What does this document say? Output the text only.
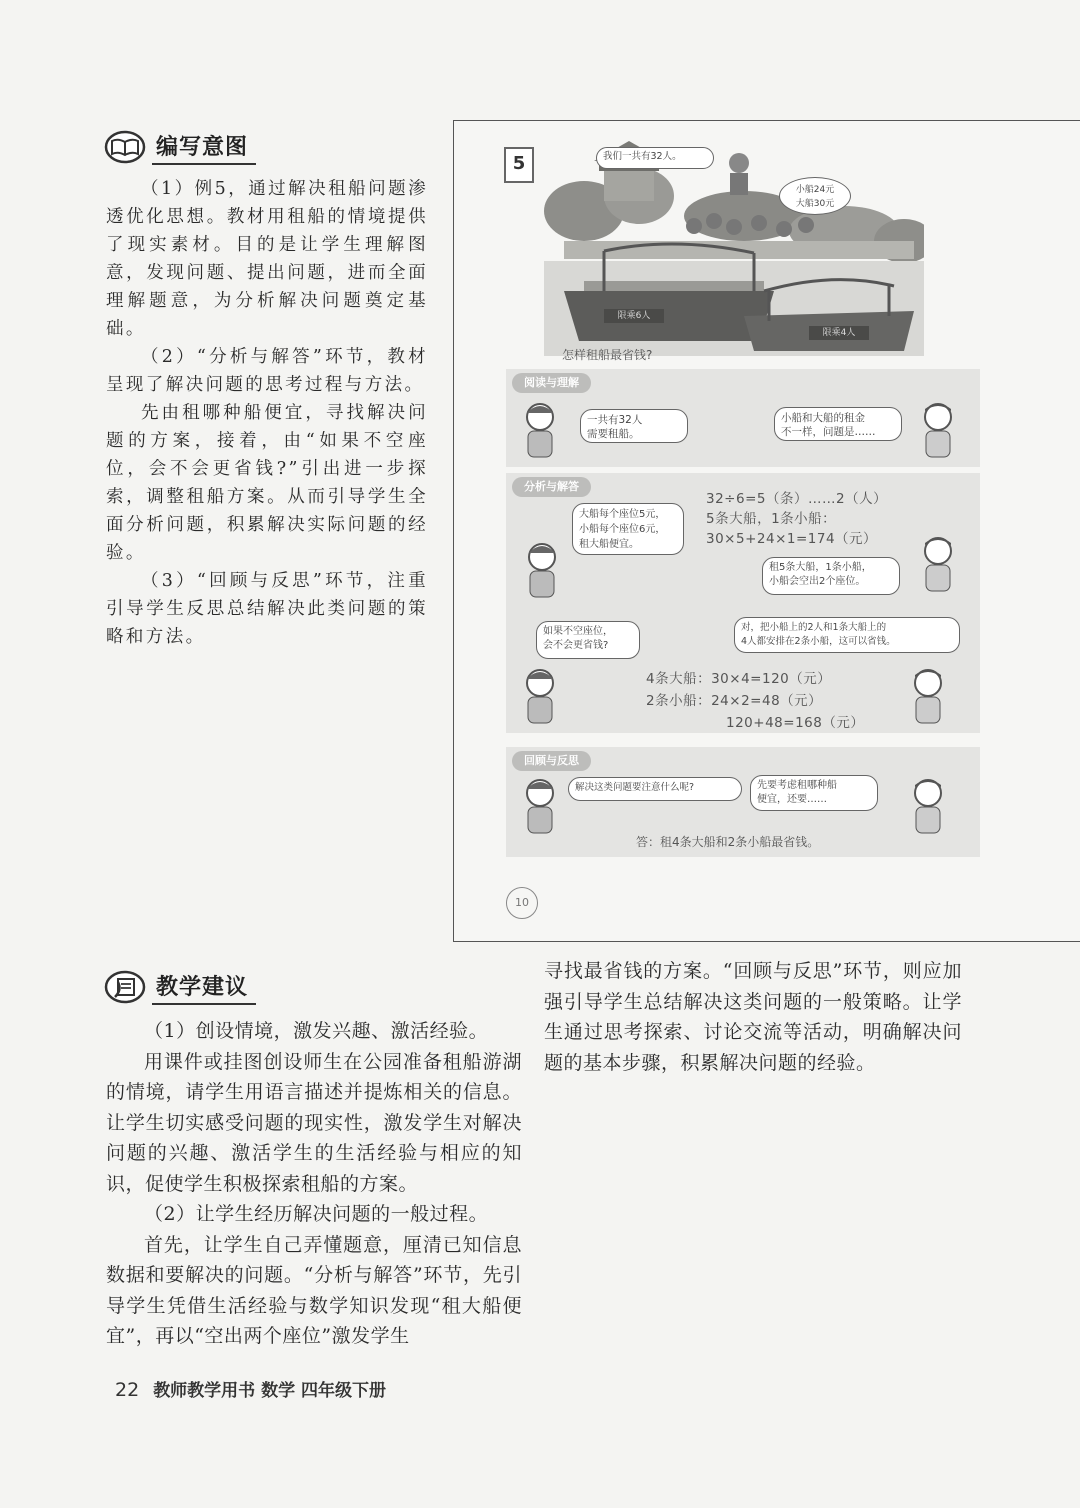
编写意图

（1）例5，通过解决租船问题渗透优化思想。教材用租船的情境提供了现实素材。目的是让学生理解图意，发现问题、提出问题，进而全面理解题意，为分析解决问题奠定基础。

（2）“分析与解答”环节，教材呈现了解决问题的思考过程与方法。

先由租哪种船便宜，寻找解决问题的方案，接着，由“如果不空座位，会不会更省钱?”引出进一步探索，调整租船方案。从而引导学生全面分析问题，积累解决实际问题的经验。

（3）“回顾与反思”环节，注重引导学生反思总结解决此类问题的策略和方法。

5
限乘6人
限乘4人
我们一共有32人。
小船24元
大船30元
怎样租船最省钱?
阅读与理解
一共有32人
需要租船。
小船和大船的租金
不一样，问题是……
分析与解答
32÷6=5（条）……2（人）
5条大船，1条小船：
30×5+24×1=174（元）
大船每个座位5元，
小船每个座位6元，
租大船便宜。
租5条大船，1条小船，
小船会空出2个座位。
如果不空座位，
会不会更省钱?
对，把小船上的2人和1条大船上的
4人都安排在2条小船，这可以省钱。
4条大船：30×4=120（元）
2条小船：24×2=48（元）
120+48=168（元）
回顾与反思
解决这类问题要注意什么呢?	先要考虑租哪种船
便宜，还要……
答：租4条大船和2条小船最省钱。
10
教学建议

（1）创设情境，激发兴趣、激活经验。

用课件或挂图创设师生在公园准备租船游湖的情境，请学生用语言描述并提炼相关的信息。让学生切实感受问题的现实性，激发学生对解决问题的兴趣、激活学生的生活经验与相应的知识，促使学生积极探索租船的方案。

（2）让学生经历解决问题的一般过程。

首先，让学生自己弄懂题意，厘清已知信息数据和要解决的问题。“分析与解答”环节，先引导学生凭借生活经验与数学知识发现“租大船便宜”，再以“空出两个座位”激发学生

寻找最省钱的方案。“回顾与反思”环节，则应加强引导学生总结解决这类问题的一般策略。让学生通过思考探索、讨论交流等活动，明确解决问题的基本步骤，积累解决问题的经验。

22 教师教学用书 数学 四年级下册
